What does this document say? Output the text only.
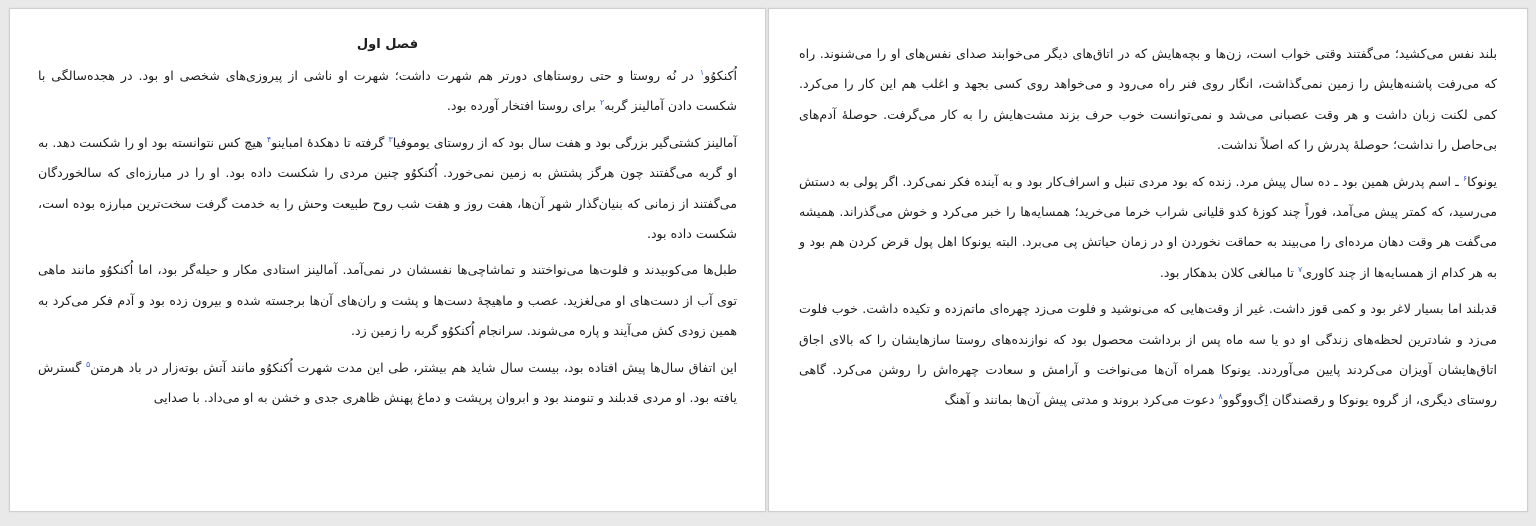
فصل اول

اُکنکوُو$^۱$ در نُه روستا و حتی روستاهای دورتر هم شهرت داشت؛ شهرت او ناشی از پیروزی‌های شخصی او بود. در هجده‌سالگی با شکست دادن آمالینز گربه$^۲$ برای روستا افتخار آورده بود.

آمالینز کشتی‌گیر بزرگی بود و هفت سال بود که از روستای یوموفیا$^۳$ گرفته تا دهکدهٔ امباینو$^۴$ هیچ کس نتوانسته بود او را شکست دهد. به او گربه می‌گفتند چون هرگز پشتش به زمین نمی‌خورد. اُکنکوُو چنین مردی را شکست داده بود. او را در مبارزه‌ای که سالخوردگان می‌گفتند از زمانی که بنیان‌گذار شهر آن‌ها، هفت روز و هفت شب روح طبیعت وحش را به خدمت گرفت سخت‌ترین مبارزه بوده است، شکست داده بود.

طبل‌ها می‌کوبیدند و فلوت‌ها می‌نواختند و تماشاچی‌ها نفسشان در نمی‌آمد. آمالینز استادی مکار و حیله‌گر بود، اما اُکنکوُو مانند ماهی توی آب از دست‌های او می‌لغزید. عصب و ماهیچهٔ دست‌ها و پشت و ران‌های آن‌ها برجسته شده و بیرون زده بود و آدم فکر می‌کرد به همین زودی کش می‌آیند و پاره می‌شوند. سرانجام اُکنکوُو گربه را زمین زد.

این اتفاق سال‌ها پیش افتاده بود، بیست سال شاید هم بیشتر، طی این مدت شهرت اُکنکوُو مانند آتش بوته‌زار در باد هرمتن$^۵$ گسترش یافته بود. او مردی قدبلند و تنومند بود و ابروان پرپشت و دماغ پهنش ظاهری جدی و خشن به او می‌داد. با صدایی

بلند نفس می‌کشید؛ می‌گفتند وقتی خواب است، زن‌ها و بچه‌هایش که در اتاق‌های دیگر می‌خوابند صدای نفس‌های او را می‌شنوند. راه که می‌رفت پاشنه‌هایش را زمین نمی‌گذاشت، انگار روی فنر راه می‌رود و می‌خواهد روی کسی بجهد و اغلب هم این کار را می‌کرد. کمی لکنت زبان داشت و هر وقت عصبانی می‌شد و نمی‌توانست خوب حرف بزند مشت‌هایش را به کار می‌گرفت. حوصلهٔ آدم‌های بی‌حاصل را نداشت؛ حوصلهٔ پدرش را که اصلاً نداشت.

یونوکا$^۶$ ـ اسم پدرش همین بود ـ ده سال پیش مرد. زنده که بود مردی تنبل و اسراف‌کار بود و به آینده فکر نمی‌کرد. اگر پولی به دستش می‌رسید، که کمتر پیش می‌آمد، فوراً چند کوزهٔ کدو قلیانی شراب خرما می‌خرید؛ همسایه‌ها را خبر می‌کرد و خوش می‌گذراند. همیشه می‌گفت هر وقت دهان مرده‌ای را می‌بیند به حماقت نخوردن او در زمان حیاتش پی می‌برد. البته یونوکا اهل پول قرض کردن هم بود و به هر کدام از همسایه‌ها از چند کاوری$^۷$ تا مبالغی کلان بدهکار بود.

قدبلند اما بسیار لاغر بود و کمی قوز داشت. غیر از وقت‌هایی که می‌نوشید و فلوت می‌زد چهره‌ای ماتم‌زده و تکیده داشت. خوب فلوت می‌زد و شادترین لحظه‌های زندگی او دو یا سه ماه پس از برداشت محصول بود که نوازنده‌های روستا سازهایشان را که بالای اجاق اتاق‌هایشان آویزان می‌کردند پایین می‌آوردند. یونوکا همراه آن‌ها می‌نواخت و آرامش و سعادت چهره‌اش را روشن می‌کرد. گاهی روستای دیگری، از گروه یونوکا و رقصندگان اِگ‌ووگوو$^۸$ دعوت می‌کرد بروند و مدتی پیش آن‌ها بمانند و آهنگ
